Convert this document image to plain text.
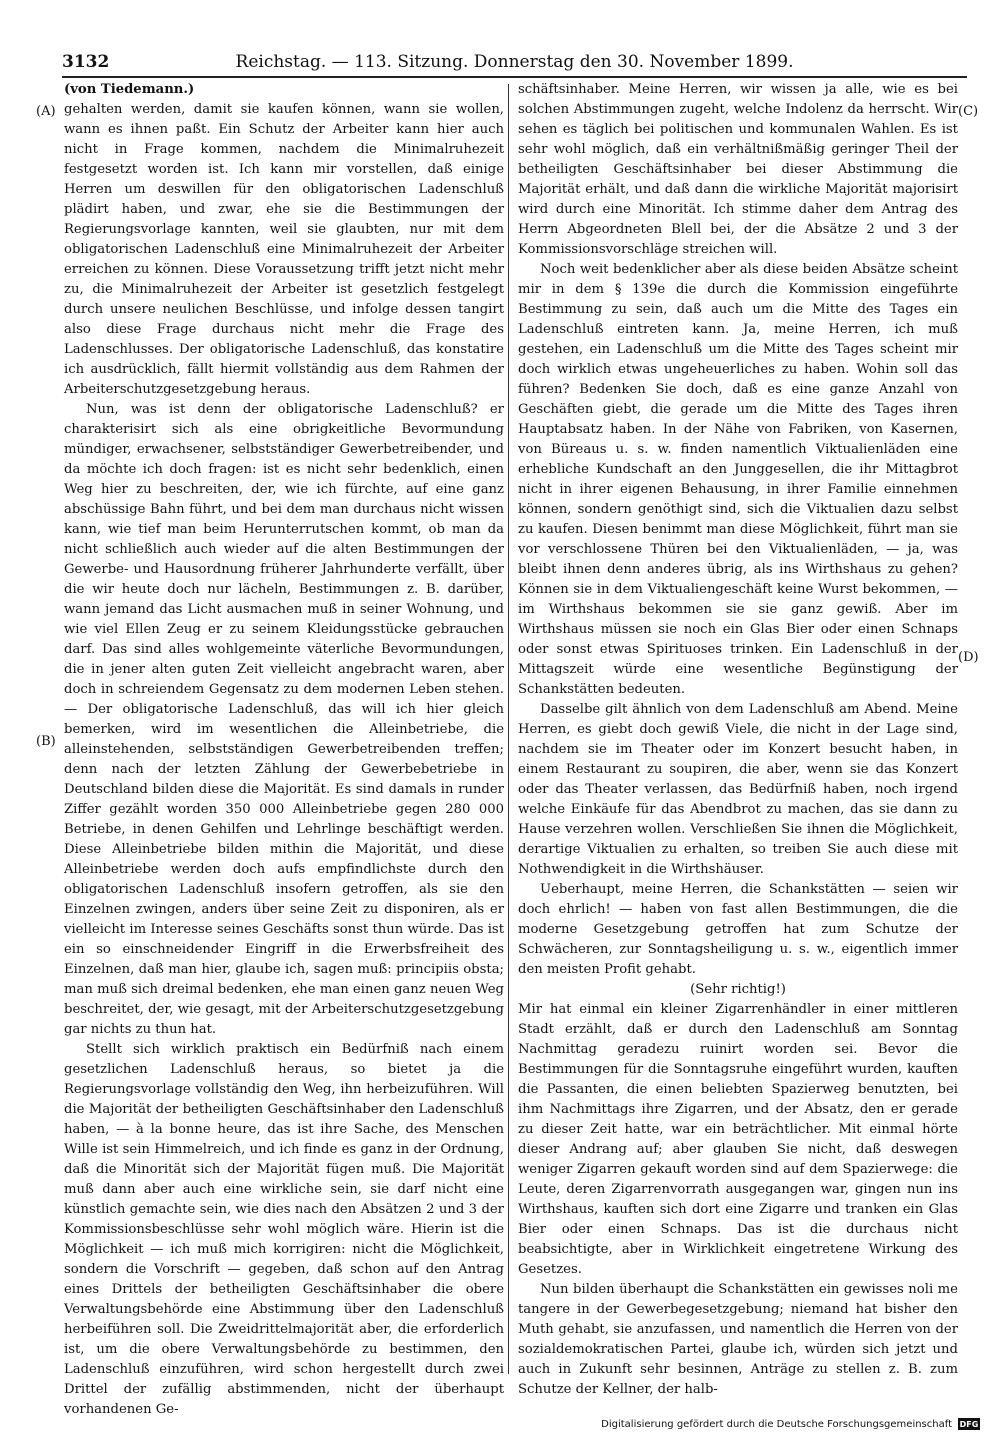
3132	Reichstag. — 113. Sitzung. Donnerstag den 30. November 1899.
(A)
(B)
(C)
(D)

(von Tiedemann.)

gehalten werden, damit sie kaufen können, wann sie wollen, wann es ihnen paßt. Ein Schutz der Arbeiter kann hier auch nicht in Frage kommen, nachdem die Minimalruhezeit festgesetzt worden ist. Ich kann mir vorstellen, daß einige Herren um deswillen für den obligatorischen Ladenschluß plädirt haben, und zwar, ehe sie die Bestimmungen der Regierungsvorlage kannten, weil sie glaubten, nur mit dem obligatorischen Ladenschluß eine Minimalruhezeit der Arbeiter erreichen zu können. Diese Voraussetzung trifft jetzt nicht mehr zu, die Minimalruhezeit der Arbeiter ist gesetzlich festgelegt durch unsere neulichen Beschlüsse, und infolge dessen tangirt also diese Frage durchaus nicht mehr die Frage des Ladenschlusses. Der obligatorische Ladenschluß, das konstatire ich ausdrücklich, fällt hiermit vollständig aus dem Rahmen der Arbeiterschutzgesetzgebung heraus.

Nun, was ist denn der obligatorische Ladenschluß? er charakterisirt sich als eine obrigkeitliche Bevormundung mündiger, erwachsener, selbstständiger Gewerbetreibender, und da möchte ich doch fragen: ist es nicht sehr bedenklich, einen Weg hier zu beschreiten, der, wie ich fürchte, auf eine ganz abschüssige Bahn führt, und bei dem man durchaus nicht wissen kann, wie tief man beim Herunterrutschen kommt, ob man da nicht schließlich auch wieder auf die alten Bestimmungen der Gewerbe- und Hausordnung früherer Jahrhunderte verfällt, über die wir heute doch nur lächeln, Bestimmungen z. B. darüber, wann jemand das Licht ausmachen muß in seiner Wohnung, und wie viel Ellen Zeug er zu seinem Kleidungsstücke gebrauchen darf. Das sind alles wohlgemeinte väterliche Bevormundungen, die in jener alten guten Zeit vielleicht angebracht waren, aber doch in schreiendem Gegensatz zu dem modernen Leben stehen. — Der obligatorische Ladenschluß, das will ich hier gleich bemerken, wird im wesentlichen die Alleinbetriebe, die alleinstehenden, selbstständigen Gewerbetreibenden treffen; denn nach der letzten Zählung der Gewerbebetriebe in Deutschland bilden diese die Majorität. Es sind damals in runder Ziffer gezählt worden 350 000 Alleinbetriebe gegen 280 000 Betriebe, in denen Gehilfen und Lehrlinge beschäftigt werden. Diese Alleinbetriebe bilden mithin die Majorität, und diese Alleinbetriebe werden doch aufs empfindlichste durch den obligatorischen Ladenschluß insofern getroffen, als sie den Einzelnen zwingen, anders über seine Zeit zu disponiren, als er vielleicht im Interesse seines Geschäfts sonst thun würde. Das ist ein so einschneidender Eingriff in die Erwerbsfreiheit des Einzelnen, daß man hier, glaube ich, sagen muß: principiis obsta; man muß sich dreimal bedenken, ehe man einen ganz neuen Weg beschreitet, der, wie gesagt, mit der Arbeiterschutzgesetzgebung gar nichts zu thun hat.

Stellt sich wirklich praktisch ein Bedürfniß nach einem gesetzlichen Ladenschluß heraus, so bietet ja die Regierungsvorlage vollständig den Weg, ihn herbeizuführen. Will die Majorität der betheiligten Geschäftsinhaber den Ladenschluß haben, — à la bonne heure, das ist ihre Sache, des Menschen Wille ist sein Himmelreich, und ich finde es ganz in der Ordnung, daß die Minorität sich der Majorität fügen muß. Die Majorität muß dann aber auch eine wirkliche sein, sie darf nicht eine künstlich gemachte sein, wie dies nach den Absätzen 2 und 3 der Kommissionsbeschlüsse sehr wohl möglich wäre. Hierin ist die Möglichkeit — ich muß mich korrigiren: nicht die Möglichkeit, sondern die Vorschrift — gegeben, daß schon auf den Antrag eines Drittels der betheiligten Geschäftsinhaber die obere Verwaltungsbehörde eine Abstimmung über den Ladenschluß herbeiführen soll. Die Zweidrittelmajorität aber, die erforderlich ist, um die obere Verwaltungsbehörde zu bestimmen, den Ladenschluß einzuführen, wird schon hergestellt durch zwei Drittel der zufällig abstimmenden, nicht der überhaupt vorhandenen Ge-

schäftsinhaber. Meine Herren, wir wissen ja alle, wie es bei solchen Abstimmungen zugeht, welche Indolenz da herrscht. Wir sehen es täglich bei politischen und kommunalen Wahlen. Es ist sehr wohl möglich, daß ein verhältnißmäßig geringer Theil der betheiligten Geschäftsinhaber bei dieser Abstimmung die Majorität erhält, und daß dann die wirkliche Majorität majorisirt wird durch eine Minorität. Ich stimme daher dem Antrag des Herrn Abgeordneten Blell bei, der die Absätze 2 und 3 der Kommissionsvorschläge streichen will.

Noch weit bedenklicher aber als diese beiden Absätze scheint mir in dem § 139e die durch die Kommission eingeführte Bestimmung zu sein, daß auch um die Mitte des Tages ein Ladenschluß eintreten kann. Ja, meine Herren, ich muß gestehen, ein Ladenschluß um die Mitte des Tages scheint mir doch wirklich etwas ungeheuerliches zu haben. Wohin soll das führen? Bedenken Sie doch, daß es eine ganze Anzahl von Geschäften giebt, die gerade um die Mitte des Tages ihren Hauptabsatz haben. In der Nähe von Fabriken, von Kasernen, von Büreaus u. s. w. finden namentlich Viktualienläden eine erhebliche Kundschaft an den Junggesellen, die ihr Mittagbrot nicht in ihrer eigenen Behausung, in ihrer Familie einnehmen können, sondern genöthigt sind, sich die Viktualien dazu selbst zu kaufen. Diesen benimmt man diese Möglichkeit, führt man sie vor verschlossene Thüren bei den Viktualienläden, — ja, was bleibt ihnen denn anderes übrig, als ins Wirthshaus zu gehen? Können sie in dem Viktualiengeschäft keine Wurst bekommen, — im Wirthshaus bekommen sie sie ganz gewiß. Aber im Wirthshaus müssen sie noch ein Glas Bier oder einen Schnaps oder sonst etwas Spirituoses trinken. Ein Ladenschluß in der Mittagszeit würde eine wesentliche Begünstigung der Schankstätten bedeuten.

Dasselbe gilt ähnlich von dem Ladenschluß am Abend. Meine Herren, es giebt doch gewiß Viele, die nicht in der Lage sind, nachdem sie im Theater oder im Konzert besucht haben, in einem Restaurant zu soupiren, die aber, wenn sie das Konzert oder das Theater verlassen, das Bedürfniß haben, noch irgend welche Einkäufe für das Abendbrot zu machen, das sie dann zu Hause verzehren wollen. Verschließen Sie ihnen die Möglichkeit, derartige Viktualien zu erhalten, so treiben Sie auch diese mit Nothwendigkeit in die Wirthshäuser.

Ueberhaupt, meine Herren, die Schankstätten — seien wir doch ehrlich! — haben von fast allen Bestimmungen, die die moderne Gesetzgebung getroffen hat zum Schutze der Schwächeren, zur Sonntagsheiligung u. s. w., eigentlich immer den meisten Profit gehabt.

(Sehr richtig!)

Mir hat einmal ein kleiner Zigarrenhändler in einer mittleren Stadt erzählt, daß er durch den Ladenschluß am Sonntag Nachmittag geradezu ruinirt worden sei. Bevor die Bestimmungen für die Sonntagsruhe eingeführt wurden, kauften die Passanten, die einen beliebten Spazierweg benutzten, bei ihm Nachmittags ihre Zigarren, und der Absatz, den er gerade zu dieser Zeit hatte, war ein beträchtlicher. Mit einmal hörte dieser Andrang auf; aber glauben Sie nicht, daß deswegen weniger Zigarren gekauft worden sind auf dem Spazierwege: die Leute, deren Zigarrenvorrath ausgegangen war, gingen nun ins Wirthshaus, kauften sich dort eine Zigarre und tranken ein Glas Bier oder einen Schnaps. Das ist die durchaus nicht beabsichtigte, aber in Wirklichkeit eingetretene Wirkung des Gesetzes.

Nun bilden überhaupt die Schankstätten ein gewisses noli me tangere in der Gewerbegesetzgebung; niemand hat bisher den Muth gehabt, sie anzufassen, und namentlich die Herren von der sozialdemokratischen Partei, glaube ich, würden sich jetzt und auch in Zukunft sehr besinnen, Anträge zu stellen z. B. zum Schutze der Kellner, der halb-

Digitalisierung gefördert durch die Deutsche Forschungsgemeinschaft DFG
